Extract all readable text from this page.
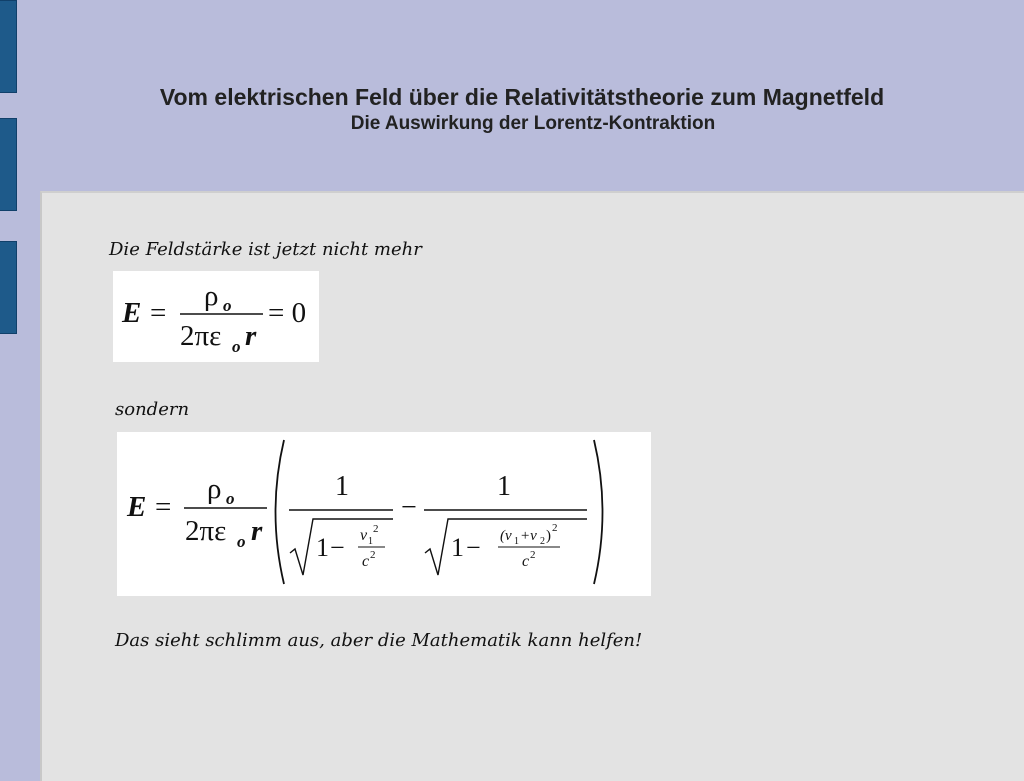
Vom elektrischen Feld über die Relativitätstheorie zum Magnetfeld
Die Auswirkung der Lorentz-Kontraktion
Die Feldstärke ist jetzt nicht mehr
E =
ρ o
2πε o r
= 0
sondern
E =
ρ o
2πε o r
1
1 − v 1
2
c 2
−
1
1 − (v 1 +v 2 ) 2
c 2
Das sieht schlimm aus, aber die Mathematik kann helfen!
